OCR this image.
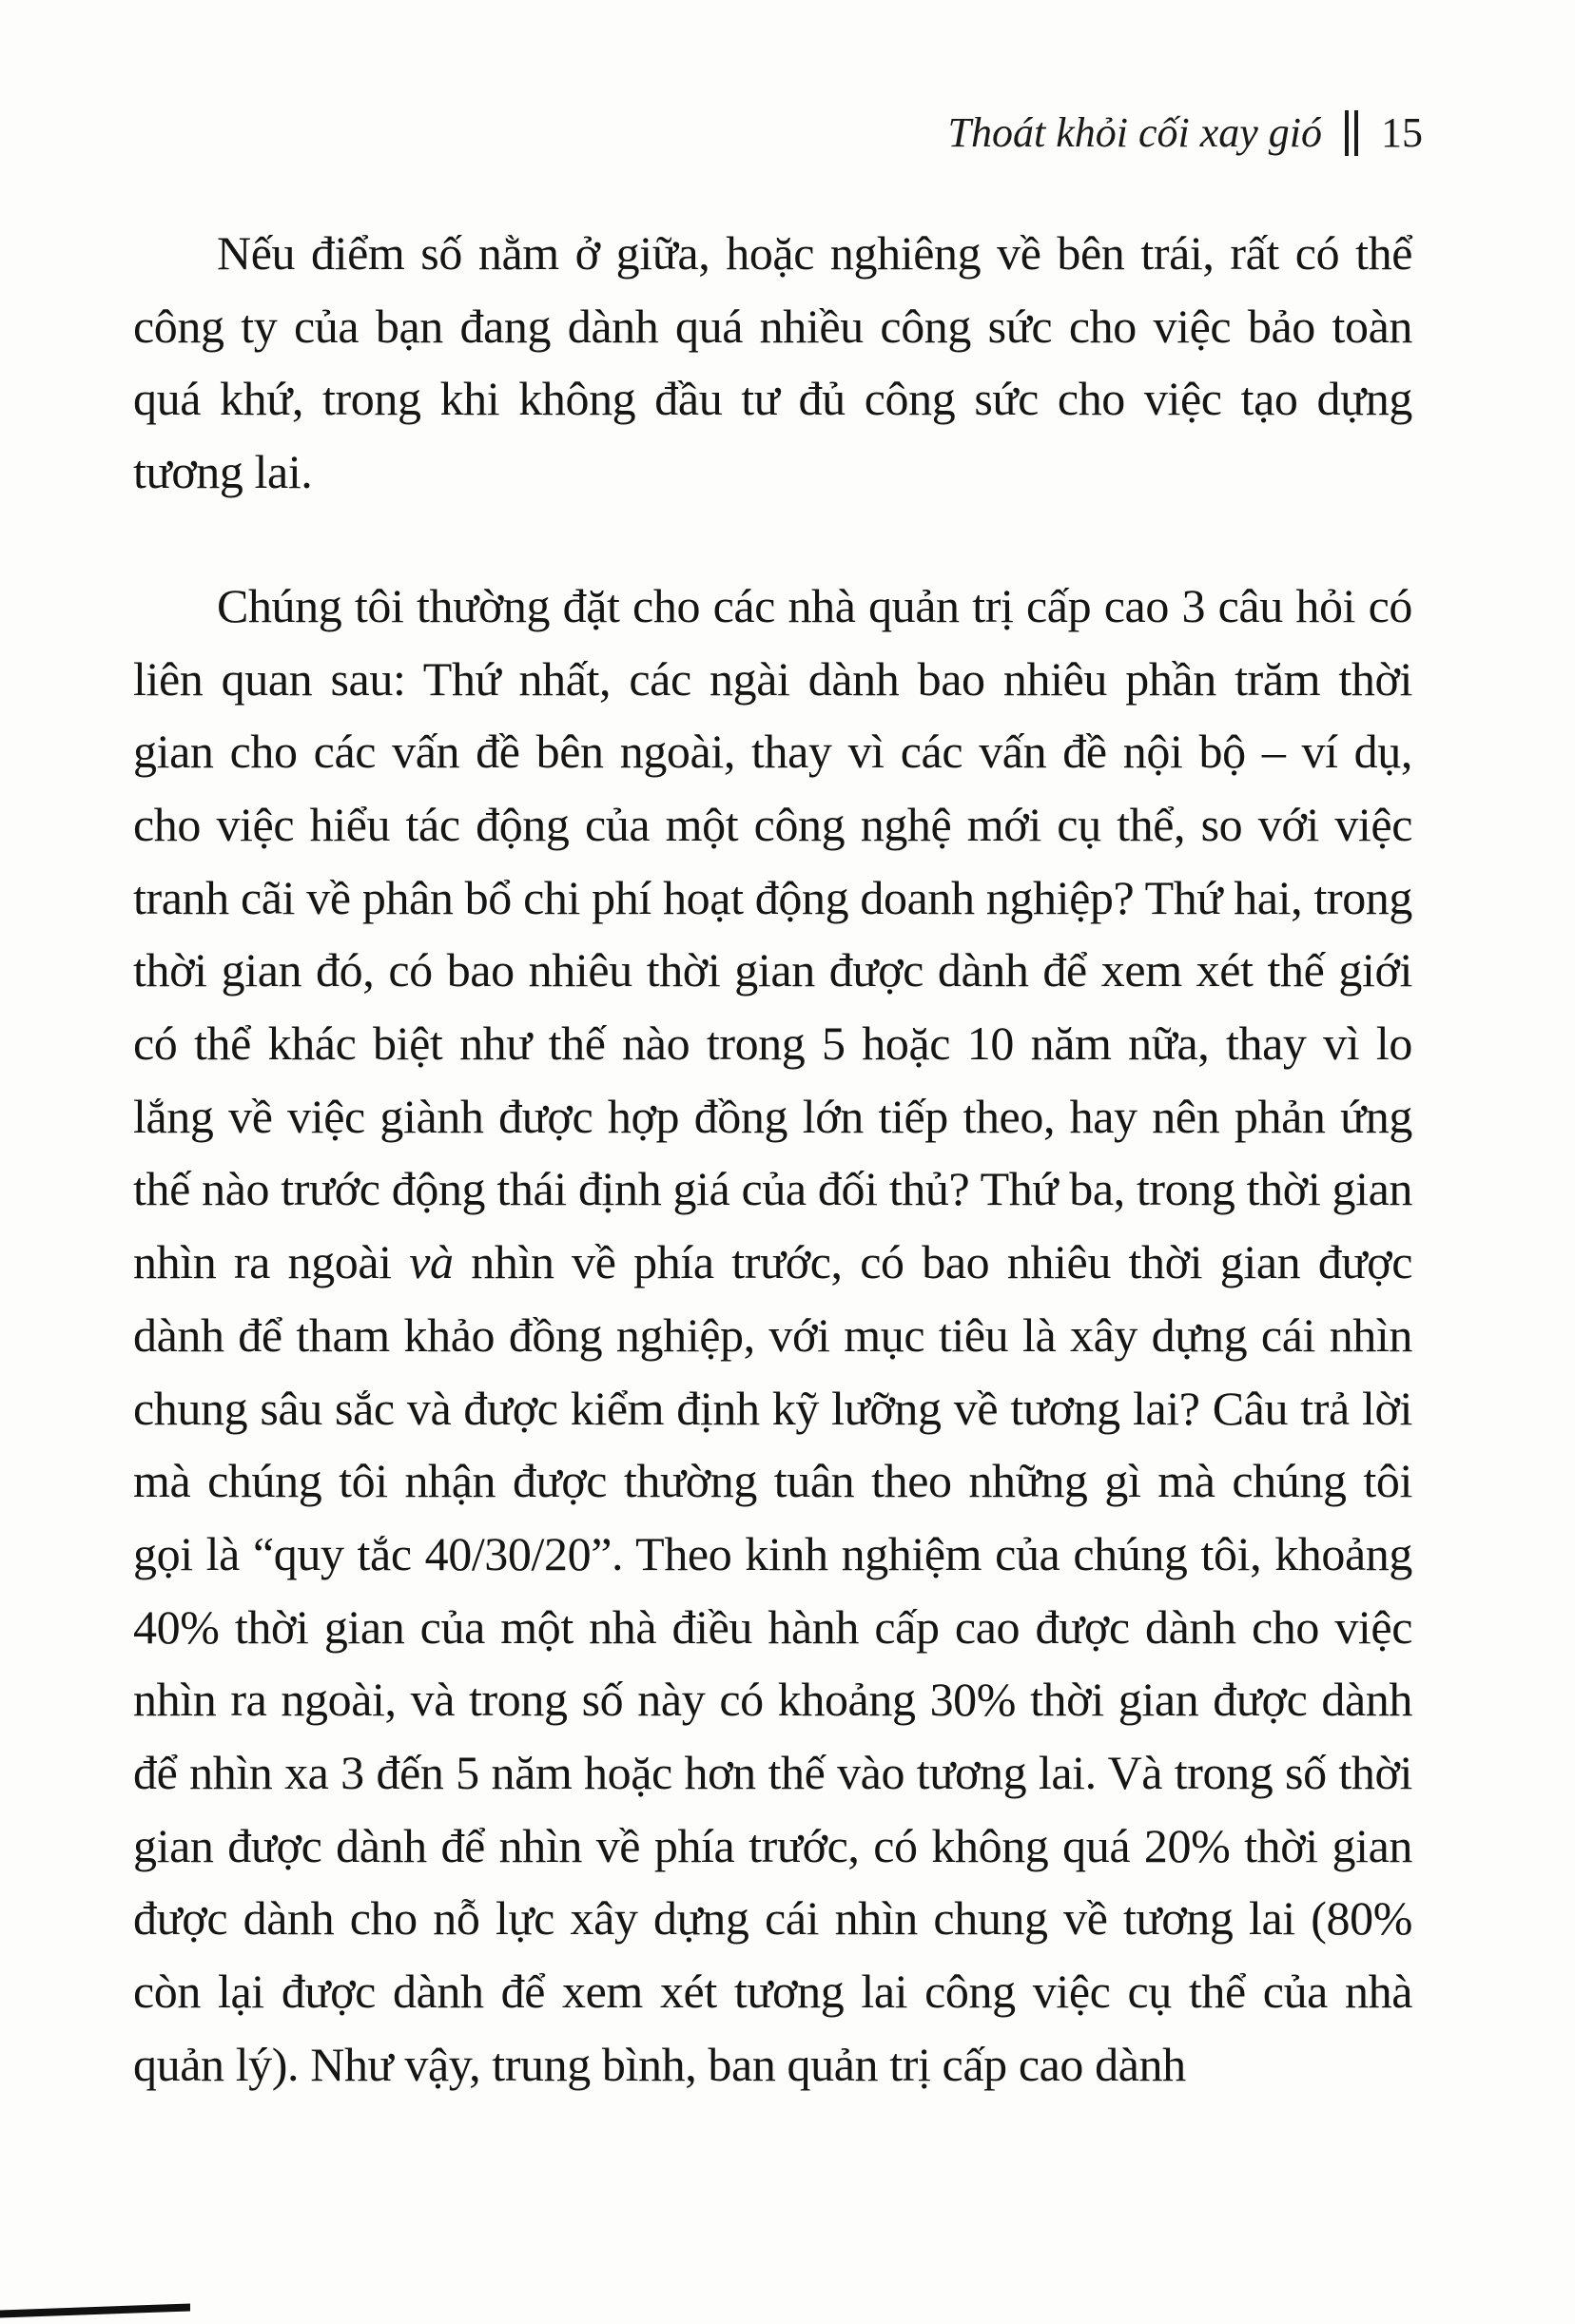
Thoát khỏi cối xay gió 15

Nếu điểm số nằm ở giữa, hoặc nghiêng về bên trái, rất có thể công ty của bạn đang dành quá nhiều công sức cho việc bảo toàn quá khứ, trong khi không đầu tư đủ công sức cho việc tạo dựng tương lai.

Chúng tôi thường đặt cho các nhà quản trị cấp cao 3 câu hỏi có liên quan sau: Thứ nhất, các ngài dành bao nhiêu phần trăm thời gian cho các vấn đề bên ngoài, thay vì các vấn đề nội bộ – ví dụ, cho việc hiểu tác động của một công nghệ mới cụ thể, so với việc tranh cãi về phân bổ chi phí hoạt động doanh nghiệp? Thứ hai, trong thời gian đó, có bao nhiêu thời gian được dành để xem xét thế giới có thể khác biệt như thế nào trong 5 hoặc 10 năm nữa, thay vì lo lắng về việc giành được hợp đồng lớn tiếp theo, hay nên phản ứng thế nào trước động thái định giá của đối thủ? Thứ ba, trong thời gian nhìn ra ngoài và nhìn về phía trước, có bao nhiêu thời gian được dành để tham khảo đồng nghiệp, với mục tiêu là xây dựng cái nhìn chung sâu sắc và được kiểm định kỹ lưỡng về tương lai? Câu trả lời mà chúng tôi nhận được thường tuân theo những gì mà chúng tôi gọi là “quy tắc 40/30/20”. Theo kinh nghiệm của chúng tôi, khoảng 40% thời gian của một nhà điều hành cấp cao được dành cho việc nhìn ra ngoài, và trong số này có khoảng 30% thời gian được dành để nhìn xa 3 đến 5 năm hoặc hơn thế vào tương lai. Và trong số thời gian được dành để nhìn về phía trước, có không quá 20% thời gian được dành cho nỗ lực xây dựng cái nhìn chung về tương lai (80% còn lại được dành để xem xét tương lai công việc cụ thể của nhà quản lý). Như vậy, trung bình, ban quản trị cấp cao dành
